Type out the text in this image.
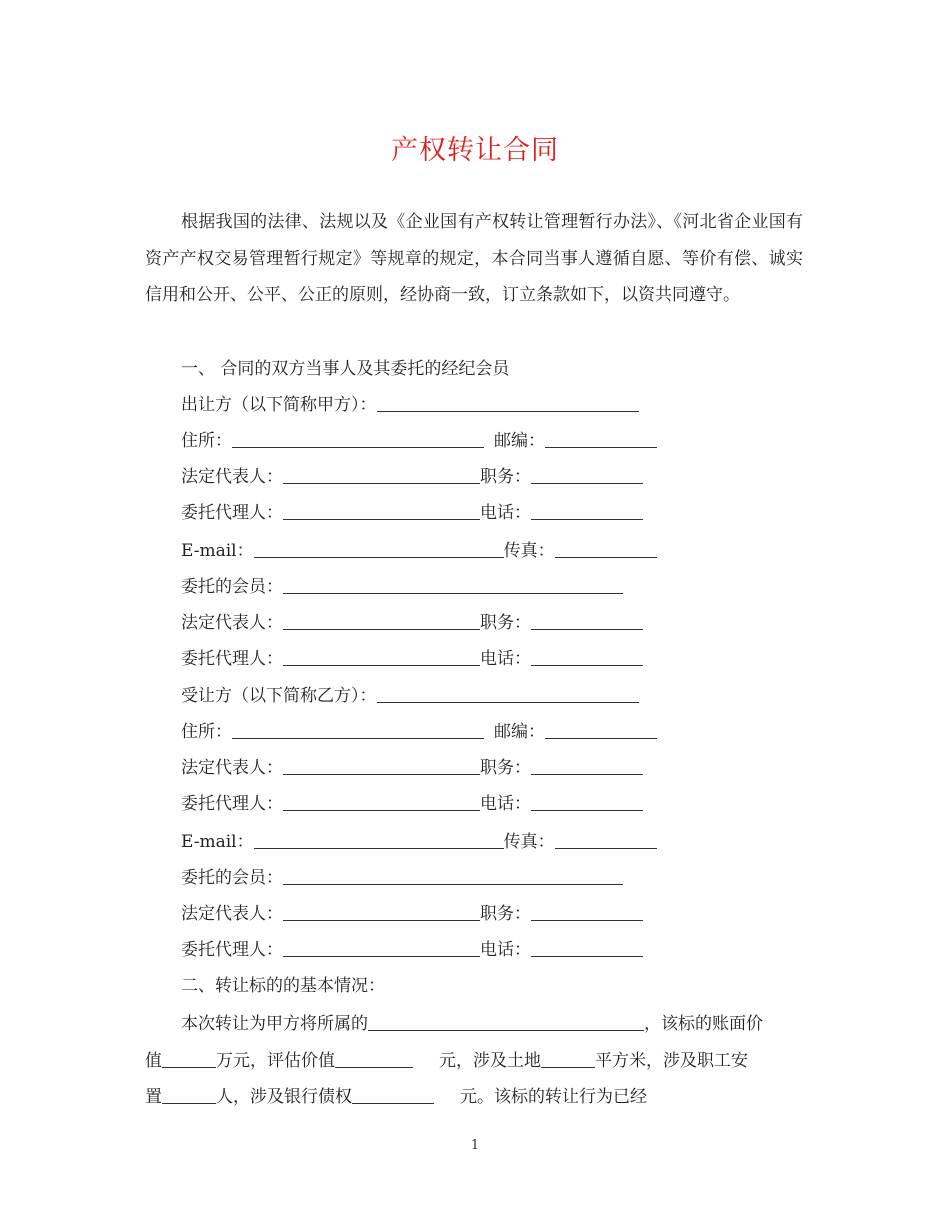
产权转让合同

根据我国的法律、法规以及《企业国有产权转让管理暂行办法》、《河北省企业国有资产产权交易管理暂行规定》等规章的规定，本合同当事人遵循自愿、等价有偿、诚实信用和公开、公平、公正的原则，经协商一致，订立条款如下，以资共同遵守。

一、 合同的双方当事人及其委托的经纪会员
出让方（以下简称甲方）：
住所：	邮编：
法定代表人：	职务：
委托代理人：	电话：
E-mail：	传真：
委托的会员：
法定代表人：	职务：
委托代理人：	电话：
受让方（以下简称乙方）：
住所：	邮编：
法定代表人：	职务：
委托代理人：	电话：
E-mail：	传真：
委托的会员：
法定代表人：	职务：
委托代理人：	电话：
二、转让标的的基本情况：
本次转让为甲方将所属的	，该标的账面价
值	万元，评估价值	元，涉及土地	平方米，涉及职工安
置	人，涉及银行债权	元。该标的转让行为已经
1
